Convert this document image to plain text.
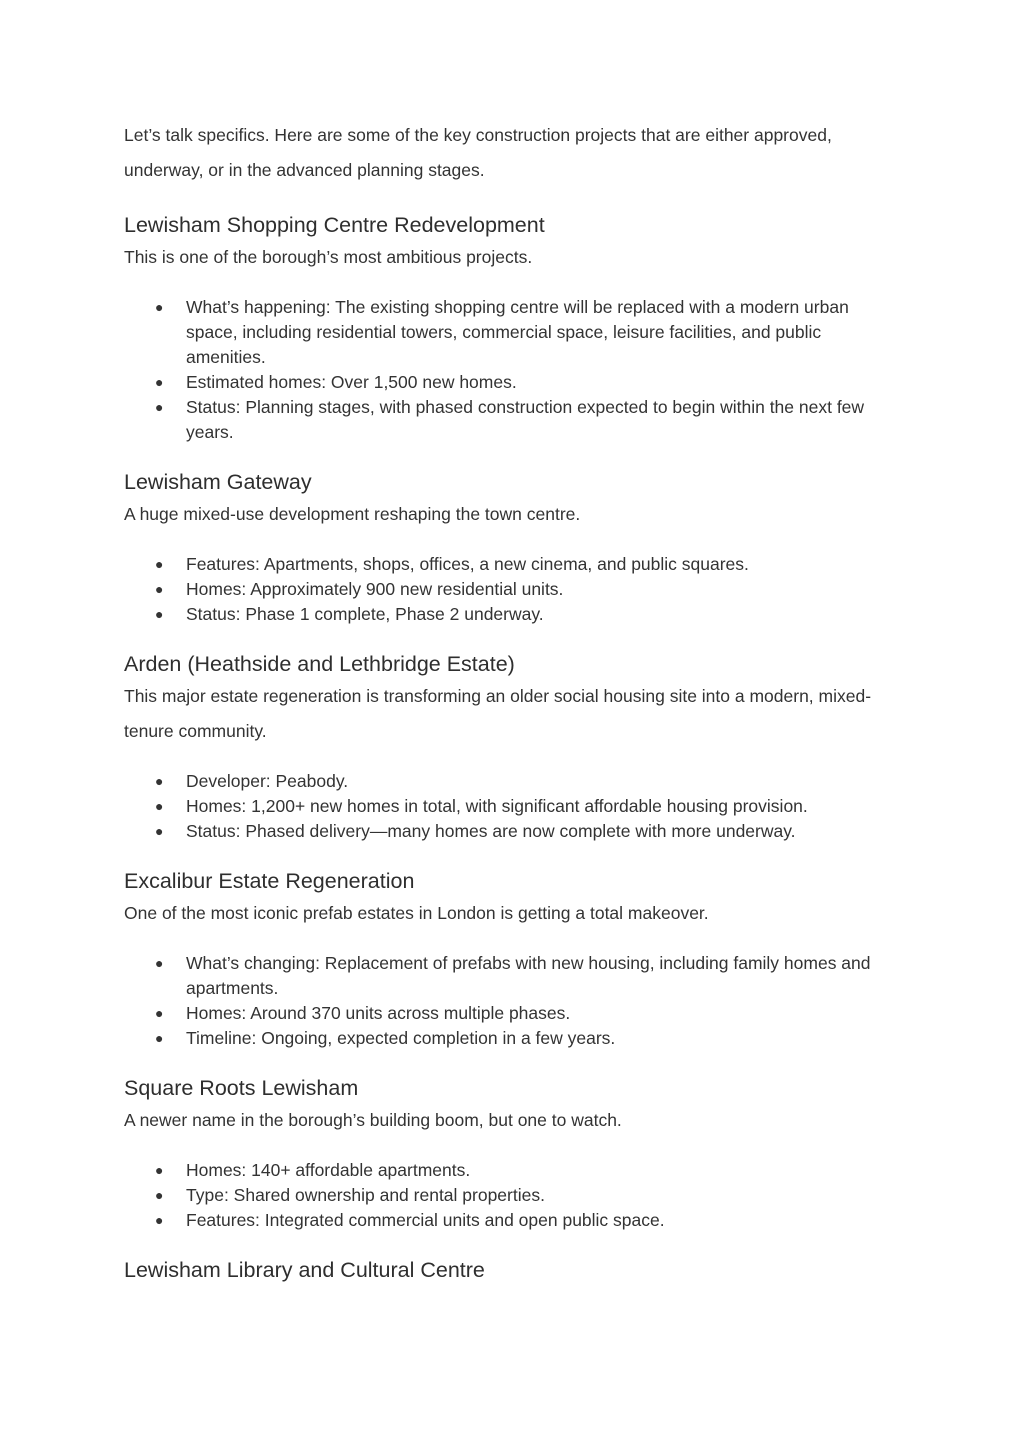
Let’s talk specifics. Here are some of the key construction projects that are either approved, underway, or in the advanced planning stages.

Lewisham Shopping Centre Redevelopment

This is one of the borough’s most ambitious projects.

● What’s happening: The existing shopping centre will be replaced with a modern urban space, including residential towers, commercial space, leisure facilities, and public amenities.
● Estimated homes: Over 1,500 new homes.
● Status: Planning stages, with phased construction expected to begin within the next few years.
Lewisham Gateway

A huge mixed-use development reshaping the town centre.

● Features: Apartments, shops, offices, a new cinema, and public squares.
● Homes: Approximately 900 new residential units.
● Status: Phase 1 complete, Phase 2 underway.
Arden (Heathside and Lethbridge Estate)

This major estate regeneration is transforming an older social housing site into a modern, mixed-tenure community.

● Developer: Peabody.
● Homes: 1,200+ new homes in total, with significant affordable housing provision.
● Status: Phased delivery—many homes are now complete with more underway.
Excalibur Estate Regeneration

One of the most iconic prefab estates in London is getting a total makeover.

● What’s changing: Replacement of prefabs with new housing, including family homes and apartments.
● Homes: Around 370 units across multiple phases.
● Timeline: Ongoing, expected completion in a few years.
Square Roots Lewisham

A newer name in the borough’s building boom, but one to watch.

● Homes: 140+ affordable apartments.
● Type: Shared ownership and rental properties.
● Features: Integrated commercial units and open public space.
Lewisham Library and Cultural Centre
